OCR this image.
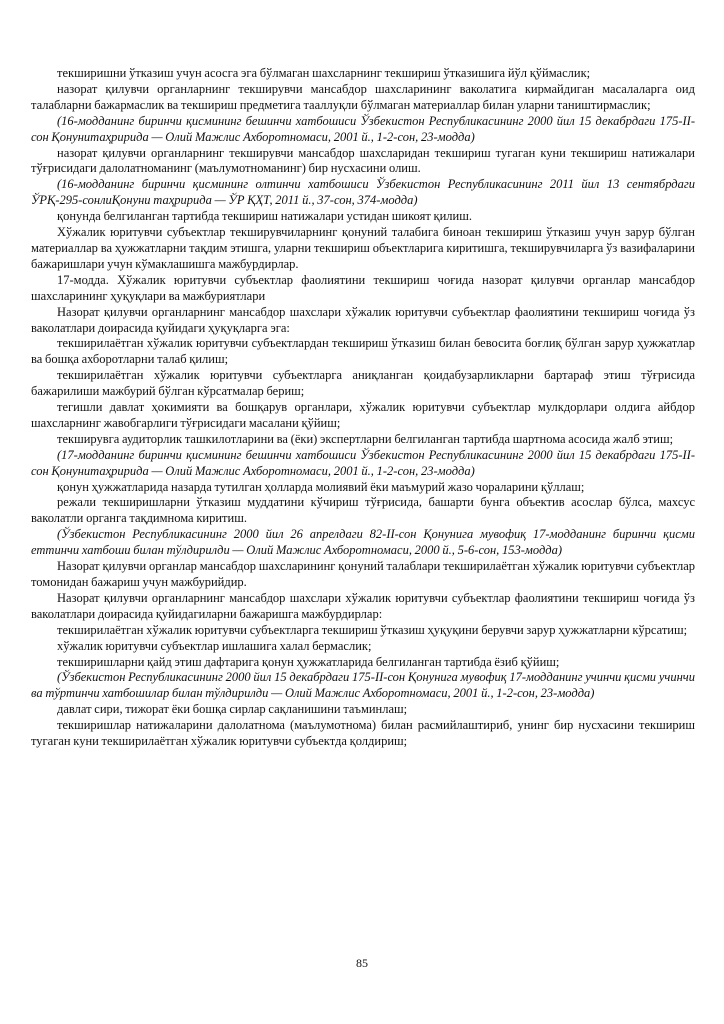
текширишни ўтказиш учун асосга эга бўлмаган шахсларнинг текшириш ўтказишига йўл қўймаслик;

назорат қилувчи органларнинг текширувчи мансабдор шахсларининг ваколатига кирмайдиган масалаларга оид талабларни бажармаслик ва текшириш предметига тааллуқли бўлмаган материаллар билан уларни таништирмаслик;

(16-модданинг биринчи қисмининг бешинчи хатбошиси Ўзбекистон Республикасининг 2000 йил 15 декабрдаги 175-II-сон Қонунитаҳририда — Олий Мажлис Ахборотномаси, 2001 й., 1-2-сон, 23-модда)

назорат қилувчи органларнинг текширувчи мансабдор шахсларидан текшириш тугаган куни текшириш натижалари тўғрисидаги далолатноманинг (маълумотноманинг) бир нусхасини олиш.

(16-модданинг биринчи қисмининг олтинчи хатбошиси Ўзбекистон Республикасининг 2011 йил 13 сентябрдаги ЎРҚ-295-сонлиҚонуни таҳририда — ЎР ҚҲТ, 2011 й., 37-сон, 374-модда)

қонунда белгиланган тартибда текшириш натижалари устидан шикоят қилиш.

Хўжалик юритувчи субъектлар текширувчиларнинг қонуний талабига биноан текшириш ўтказиш учун зарур бўлган материаллар ва ҳужжатларни тақдим этишга, уларни текшириш объектларига киритишга, текширувчиларга ўз вазифаларини бажаришлари учун кўмаклашишга мажбурдирлар.

17-модда. Хўжалик юритувчи субъектлар фаолиятини текшириш чоғида назорат қилувчи органлар мансабдор шахсларининг ҳуқуқлари ва мажбуриятлари

Назорат қилувчи органларнинг мансабдор шахслари хўжалик юритувчи субъектлар фаолиятини текшириш чоғида ўз ваколатлари доирасида қуйидаги ҳуқуқларга эга:

текширилаётган хўжалик юритувчи субъектлардан текшириш ўтказиш билан бевосита боғлиқ бўлган зарур ҳужжатлар ва бошқа ахборотларни талаб қилиш;

текширилаётган хўжалик юритувчи субъектларга аниқланган қоидабузарликларни бартараф этиш тўғрисида бажарилиши мажбурий бўлган кўрсатмалар бериш;

тегишли давлат ҳокимияти ва бошқарув органлари, хўжалик юритувчи субъектлар мулкдорлари олдига айбдор шахсларнинг жавобгарлиги тўғрисидаги масалани қўйиш;

текширувга аудиторлик ташкилотларини ва (ёки) экспертларни белгиланган тартибда шартнома асосида жалб этиш;

(17-модданинг биринчи қисмининг бешинчи хатбошиси Ўзбекистон Республикасининг 2000 йил 15 декабрдаги 175-II-сон Қонунитаҳририда — Олий Мажлис Ахборотномаси, 2001 й., 1-2-сон, 23-модда)

қонун ҳужжатларида назарда тутилган ҳолларда молиявий ёки маъмурий жазо чораларини қўллаш;

режали текширишларни ўтказиш муддатини кўчириш тўғрисида, башарти бунга объектив асослар бўлса, махсус ваколатли органга тақдимнома киритиш.

(Ўзбекистон Республикасининг 2000 йил 26 апрелдаги 82-II-сон Қонунига мувофиқ 17-модданинг биринчи қисми еттинчи хатбоши билан тўлдирилди — Олий Мажлис Ахборотномаси, 2000 й., 5-6-сон, 153-модда)

Назорат қилувчи органлар мансабдор шахсларининг қонуний талаблари текширилаётган хўжалик юритувчи субъектлар томонидан бажариш учун мажбурийдир.

Назорат қилувчи органларнинг мансабдор шахслари хўжалик юритувчи субъектлар фаолиятини текшириш чоғида ўз ваколатлари доирасида қуйидагиларни бажаришга мажбурдирлар:

текширилаётган хўжалик юритувчи субъектларга текшириш ўтказиш ҳуқуқини берувчи зарур ҳужжатларни кўрсатиш;

хўжалик юритувчи субъектлар ишлашига халал бермаслик;

текширишларни қайд этиш дафтарига қонун ҳужжатларида белгиланган тартибда ёзиб қўйиш;

(Ўзбекистон Республикасининг 2000 йил 15 декабрдаги 175-II-сон Қонунига мувофиқ 17-модданинг учинчи қисми учинчи ва тўртинчи хатбошилар билан тўлдирилди — Олий Мажлис Ахборотномаси, 2001 й., 1-2-сон, 23-модда)

давлат сири, тижорат ёки бошқа сирлар сақланишини таъминлаш;

текширишлар натижаларини далолатнома (маълумотнома) билан расмийлаштириб, унинг бир нусхасини текшириш тугаган куни текширилаётган хўжалик юритувчи субъектда қолдириш;

85
